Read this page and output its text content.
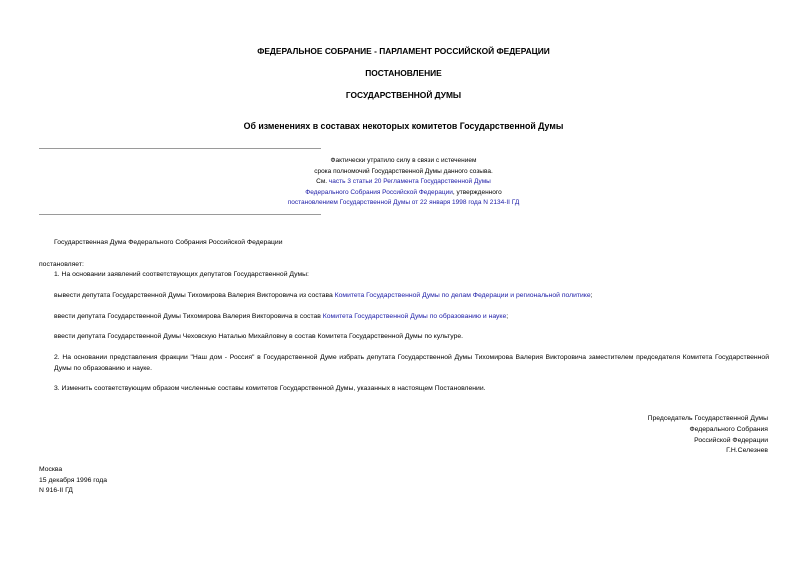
ФЕДЕРАЛЬНОЕ СОБРАНИЕ - ПАРЛАМЕНТ РОССИЙСКОЙ ФЕДЕРАЦИИ
ПОСТАНОВЛЕНИЕ
ГОСУДАРСТВЕННОЙ ДУМЫ
Об изменениях в составах некоторых комитетов Государственной Думы
Фактически утратило силу в связи с истечением
срока полномочий Государственной Думы данного созыва.
См. часть 3 статьи 20 Регламента Государственной Думы
Федерального Собрания Российской Федерации, утвержденного
постановлением Государственной Думы от 22 января 1998 года N 2134-II ГД
Государственная Дума Федерального Собрания Российской Федерации
постановляет:
1. На основании заявлений соответствующих депутатов Государственной Думы:
вывести депутата Государственной Думы Тихомирова Валерия Викторовича из состава Комитета Государственной Думы по делам Федерации и региональной политике;
ввести депутата Государственной Думы Тихомирова Валерия Викторовича в состав Комитета Государственной Думы по образованию и науке;
ввести депутата Государственной Думы Чеховскую Наталью Михайловну в состав Комитета Государственной Думы по культуре.
2. На основании представления фракции "Наш дом - Россия" в Государственной Думе избрать депутата Государственной Думы Тихомирова Валерия Викторовича заместителем председателя Комитета Государственной Думы по образованию и науке.
3. Изменить соответствующим образом численные составы комитетов Государственной Думы, указанных в настоящем Постановлении.
Председатель Государственной Думы
Федерального Собрания
Российской Федерации
Г.Н.Селезнев
Москва
15 декабря 1996 года
N 916-II ГД
